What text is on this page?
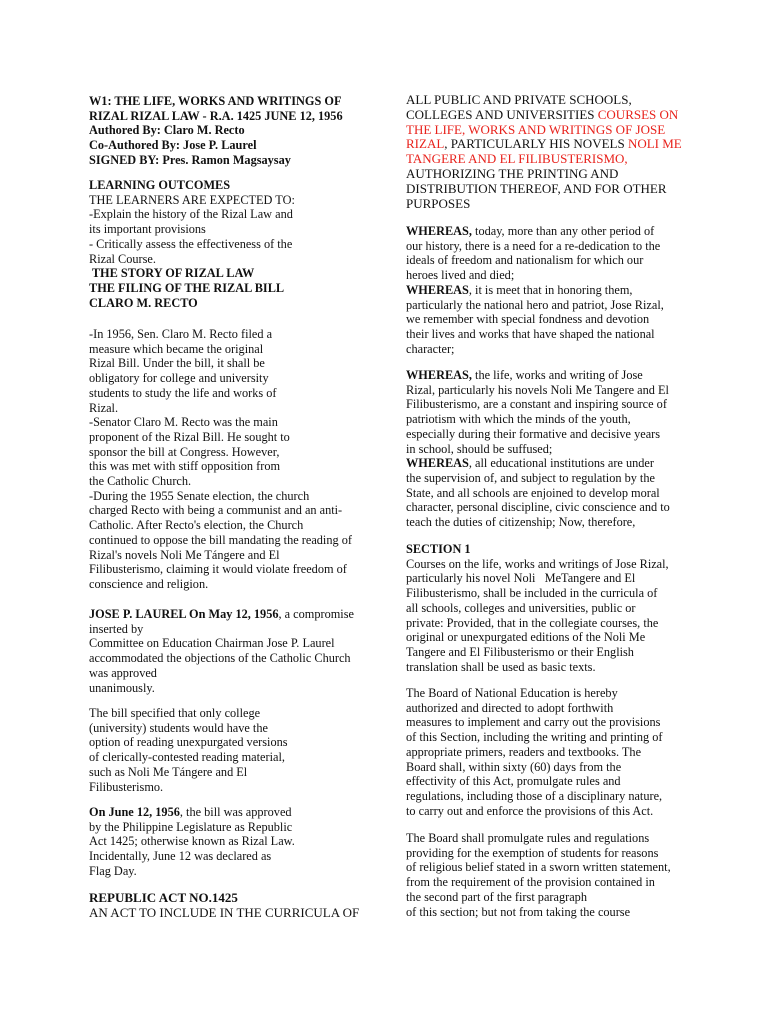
W1: THE LIFE, WORKS AND WRITINGS OF
RIZAL RIZAL LAW - R.A. 1425 JUNE 12, 1956
Authored By: Claro M. Recto
Co-Authored By: Jose P. Laurel
SIGNED BY: Pres. Ramon Magsaysay
LEARNING OUTCOMES
THE LEARNERS ARE EXPECTED TO:
-Explain the history of the Rizal Law and
its important provisions
- Critically assess the effectiveness of the
Rizal Course.
THE STORY OF RIZAL LAW
THE FILING OF THE RIZAL BILL
CLARO M. RECTO
-In 1956, Sen. Claro M. Recto filed a
measure which became the original
Rizal Bill. Under the bill, it shall be
obligatory for college and university
students to study the life and works of
Rizal.
-Senator Claro M. Recto was the main
proponent of the Rizal Bill. He sought to
sponsor the bill at Congress. However,
this was met with stiff opposition from
the Catholic Church.
-During the 1955 Senate election, the church
charged Recto with being a communist and an anti-
Catholic. After Recto's election, the Church
continued to oppose the bill mandating the reading of
Rizal's novels Noli Me Tángere and El
Filibusterismo, claiming it would violate freedom of
conscience and religion.
JOSE P. LAUREL On May 12, 1956, a compromise
inserted by
Committee on Education Chairman Jose P. Laurel
accommodated the objections of the Catholic Church
was approved
unanimously.
The bill specified that only college
(university) students would have the
option of reading unexpurgated versions
of clerically-contested reading material,
such as Noli Me Tángere and El
Filibusterismo.
On June 12, 1956, the bill was approved
by the Philippine Legislature as Republic
Act 1425; otherwise known as Rizal Law.
Incidentally, June 12 was declared as
Flag Day.
REPUBLIC ACT NO.1425
AN ACT TO INCLUDE IN THE CURRICULA OF
ALL PUBLIC AND PRIVATE SCHOOLS,
COLLEGES AND UNIVERSITIES COURSES ON
THE LIFE, WORKS AND WRITINGS OF JOSE
RIZAL, PARTICULARLY HIS NOVELS NOLI ME
TANGERE AND EL FILIBUSTERISMO,
AUTHORIZING THE PRINTING AND
DISTRIBUTION THEREOF, AND FOR OTHER
PURPOSES
WHEREAS, today, more than any other period of
our history, there is a need for a re-dedication to the
ideals of freedom and nationalism for which our
heroes lived and died;
WHEREAS, it is meet that in honoring them,
particularly the national hero and patriot, Jose Rizal,
we remember with special fondness and devotion
their lives and works that have shaped the national
character;
WHEREAS, the life, works and writing of Jose
Rizal, particularly his novels Noli Me Tangere and El
Filibusterismo, are a constant and inspiring source of
patriotism with which the minds of the youth,
especially during their formative and decisive years
in school, should be suffused;
WHEREAS, all educational institutions are under
the supervision of, and subject to regulation by the
State, and all schools are enjoined to develop moral
character, personal discipline, civic conscience and to
teach the duties of citizenship; Now, therefore,
SECTION 1
Courses on the life, works and writings of Jose Rizal,
particularly his novel Noli   MeTangere and El
Filibusterismo, shall be included in the curricula of
all schools, colleges and universities, public or
private: Provided, that in the collegiate courses, the
original or unexpurgated editions of the Noli Me
Tangere and El Filibusterismo or their English
translation shall be used as basic texts.
The Board of National Education is hereby
authorized and directed to adopt forthwith
measures to implement and carry out the provisions
of this Section, including the writing and printing of
appropriate primers, readers and textbooks. The
Board shall, within sixty (60) days from the
effectivity of this Act, promulgate rules and
regulations, including those of a disciplinary nature,
to carry out and enforce the provisions of this Act.
The Board shall promulgate rules and regulations
providing for the exemption of students for reasons
of religious belief stated in a sworn written statement,
from the requirement of the provision contained in
the second part of the first paragraph
of this section; but not from taking the course
